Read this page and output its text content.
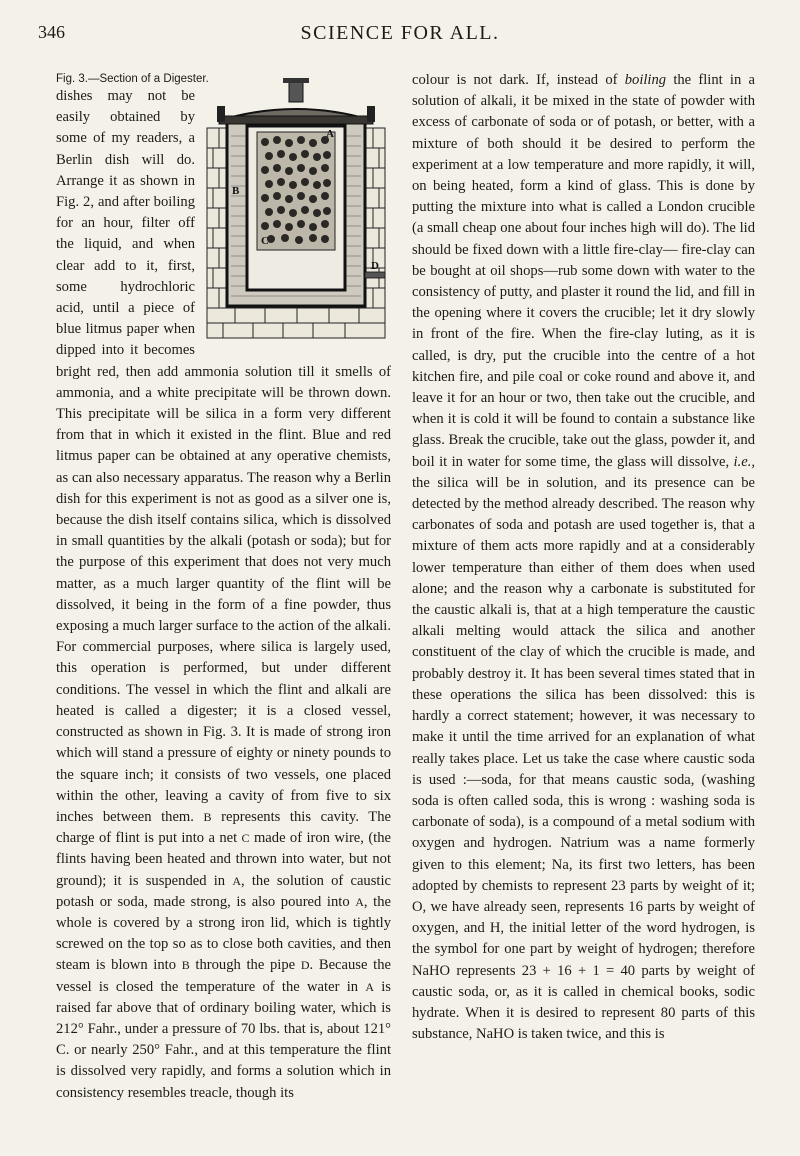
346	SCIENCE FOR ALL.

A
B
C
D

Fig. 3.—Section of a Digester.
dishes may not be easily obtained by some of my readers, a Berlin dish will do. Arrange it as shown in Fig. 2, and after boiling for an hour, filter off the liquid, and when clear add to it, first, some hydrochloric acid, until a piece of blue litmus paper when dipped into it becomes bright red, then add ammonia solution till it smells of ammonia, and a white precipitate will be thrown down. This precipitate will be silica in a form very different from that in which it existed in the flint. Blue and red litmus paper can be obtained at any operative chemists, as can also necessary apparatus. The reason why a Berlin dish for this experiment is not as good as a silver one is, because the dish itself contains silica, which is dissolved in small quantities by the alkali (potash or soda); but for the purpose of this experiment that does not very much matter, as a much larger quantity of the flint will be dissolved, it being in the form of a fine powder, thus exposing a much larger surface to the action of the alkali. For commercial purposes, where silica is largely used, this operation is performed, but under different conditions. The vessel in which the flint and alkali are heated is called a digester; it is a closed vessel, constructed as shown in Fig. 3. It is made of strong iron which will stand a pressure of eighty or ninety pounds to the square inch; it consists of two vessels, one placed within the other, leaving a cavity of from five to six inches between them. B represents this cavity. The charge of flint is put into a net C made of iron wire, (the flints having been heated and thrown into water, but not ground); it is suspended in A, the solution of caustic potash or soda, made strong, is also poured into A, the whole is covered by a strong iron lid, which is tightly screwed on the top so as to close both cavities, and then steam is blown into B through the pipe D. Because the vessel is closed the temperature of the water in A is raised far above that of ordinary boiling water, which is 212° Fahr., under a pressure of 70 lbs. that is, about 121° C. or nearly 250° Fahr., and at this temperature the flint is dissolved very rapidly, and forms a solution which in consistency resembles treacle, though its

colour is not dark. If, instead of boiling the flint in a solution of alkali, it be mixed in the state of powder with excess of carbonate of soda or of potash, or better, with a mixture of both should it be desired to perform the experiment at a low temperature and more rapidly, it will, on being heated, form a kind of glass. This is done by putting the mixture into what is called a London crucible (a small cheap one about four inches high will do). The lid should be fixed down with a little fire-clay— fire-clay can be bought at oil shops—rub some down with water to the consistency of putty, and plaster it round the lid, and fill in the opening where it covers the crucible; let it dry slowly in front of the fire. When the fire-clay luting, as it is called, is dry, put the crucible into the centre of a hot kitchen fire, and pile coal or coke round and above it, and leave it for an hour or two, then take out the crucible, and when it is cold it will be found to contain a substance like glass. Break the crucible, take out the glass, powder it, and boil it in water for some time, the glass will dissolve, i.e., the silica will be in solution, and its presence can be detected by the method already described. The reason why carbonates of soda and potash are used together is, that a mixture of them acts more rapidly and at a considerably lower temperature than either of them does when used alone; and the reason why a carbonate is substituted for the caustic alkali is, that at a high temperature the caustic alkali melting would attack the silica and another constituent of the clay of which the crucible is made, and probably destroy it. It has been several times stated that in these operations the silica has been dissolved: this is hardly a correct statement; however, it was necessary to make it until the time arrived for an explanation of what really takes place. Let us take the case where caustic soda is used :—soda, for that means caustic soda, (washing soda is often called soda, this is wrong : washing soda is carbonate of soda), is a compound of a metal sodium with oxygen and hydrogen. Natrium was a name formerly given to this element; Na, its first two letters, has been adopted by chemists to represent 23 parts by weight of it; O, we have already seen, represents 16 parts by weight of oxygen, and H, the initial letter of the word hydrogen, is the symbol for one part by weight of hydrogen; therefore NaHO represents 23 + 16 + 1 = 40 parts by weight of caustic soda, or, as it is called in chemical books, sodic hydrate. When it is desired to represent 80 parts of this substance, NaHO is taken twice, and this is
